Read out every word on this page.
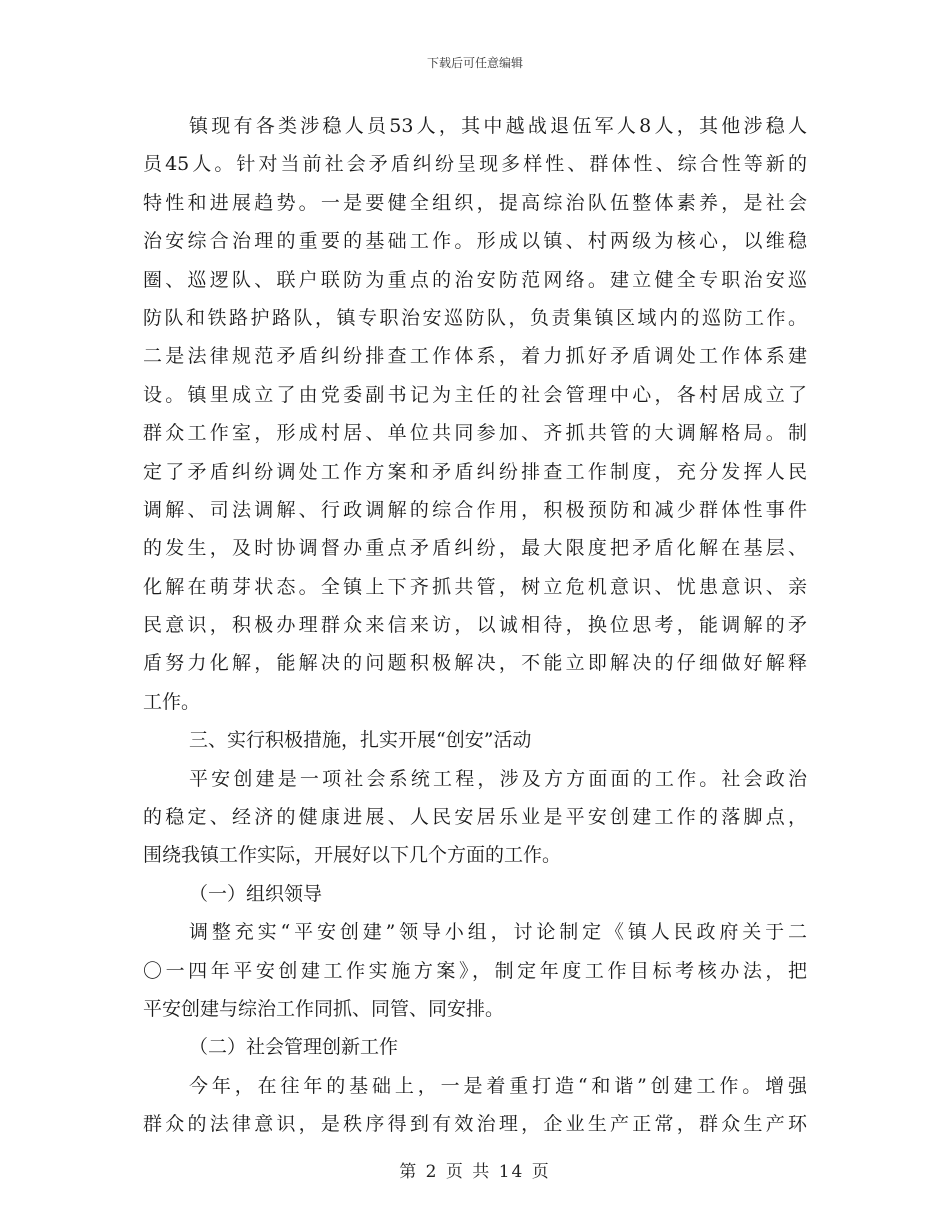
下载后可任意编辑
镇现有各类涉稳人员53人，其中越战退伍军人8人，其他涉稳人
员45人。针对当前社会矛盾纠纷呈现多样性、群体性、综合性等新的
特性和进展趋势。一是要健全组织，提高综治队伍整体素养，是社会
治安综合治理的重要的基础工作。形成以镇、村两级为核心，以维稳
圈、巡逻队、联户联防为重点的治安防范网络。建立健全专职治安巡
防队和铁路护路队，镇专职治安巡防队，负责集镇区域内的巡防工作。
二是法律规范矛盾纠纷排查工作体系，着力抓好矛盾调处工作体系建
设。镇里成立了由党委副书记为主任的社会管理中心，各村居成立了
群众工作室，形成村居、单位共同参加、齐抓共管的大调解格局。制
定了矛盾纠纷调处工作方案和矛盾纠纷排查工作制度，充分发挥人民
调解、司法调解、行政调解的综合作用，积极预防和减少群体性事件
的发生，及时协调督办重点矛盾纠纷，最大限度把矛盾化解在基层、
化解在萌芽状态。全镇上下齐抓共管，树立危机意识、忧患意识、亲
民意识，积极办理群众来信来访，以诚相待，换位思考，能调解的矛
盾努力化解，能解决的问题积极解决，不能立即解决的仔细做好解释
工作。
三、实行积极措施，扎实开展“创安”活动
平安创建是一项社会系统工程，涉及方方面面的工作。社会政治
的稳定、经济的健康进展、人民安居乐业是平安创建工作的落脚点，
围绕我镇工作实际，开展好以下几个方面的工作。
（一）组织领导
调整充实“平安创建”领导小组，讨论制定《镇人民政府关于二
〇一四年平安创建工作实施方案》，制定年度工作目标考核办法，把
平安创建与综治工作同抓、同管、同安排。
（二）社会管理创新工作
今年，在往年的基础上，一是着重打造“和谐”创建工作。增强
群众的法律意识，是秩序得到有效治理，企业生产正常，群众生产环
第 2 页 共 14 页
